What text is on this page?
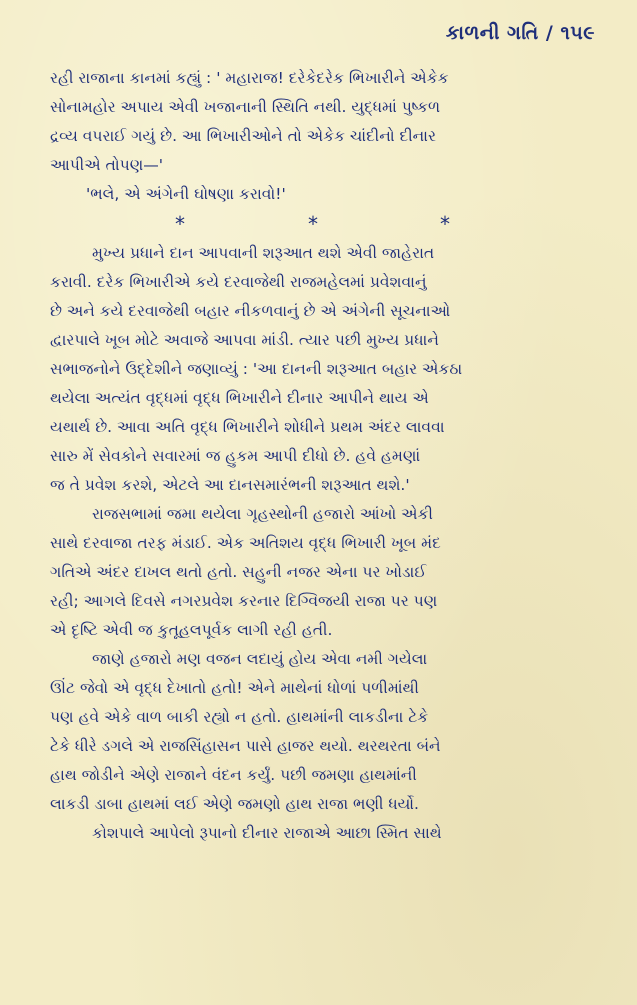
કાળની ગતિ / ૧૫૯
રહી રાજાના કાનમાં કહ્યું : ' મહારાજ! દરેકેદરેક ભિખારીને એકેક
સોનામહોર અપાય એવી ખજાનાની સ્થિતિ નથી. યુદ્ધમાં પુષ્કળ
દ્રવ્ય વપરાઈ ગયું છે. આ ભિખારીઓને તો એકેક ચાંદીનો દીનાર
આપીએ તોપણ—'
'ભલે, એ અંગેની ઘોષણા કરાવો!'
*	*	*
મુખ્ય પ્રધાને દાન આપવાની શરૂઆત થશે એવી જાહેરાત
કરાવી. દરેક ભિખારીએ કયે દરવાજેથી રાજમહેલમાં પ્રવેશવાનું
છે અને કયે દરવાજેથી બહાર નીકળવાનું છે એ અંગેની સૂચનાઓ
દ્વારપાલે ખૂબ મોટે અવાજે આપવા માંડી. ત્યાર પછી મુખ્ય પ્રધાને
સભાજનોને ઉદ્દેશીને જણાવ્યું : 'આ દાનની શરૂઆત બહાર એકઠા
થયેલા અત્યંત વૃદ્ધમાં વૃદ્ધ ભિખારીને દીનાર આપીને થાય એ
યથાર્થ છે. આવા અતિ વૃદ્ધ ભિખારીને શોધીને પ્રથમ અંદર લાવવા
સારુ મેં સેવકોને સવારમાં જ હુકમ આપી દીધો છે. હવે હમણાં
જ તે પ્રવેશ કરશે, એટલે આ દાનસમારંભની શરૂઆત થશે.'
રાજસભામાં જમા થયેલા ગૃહસ્થોની હજારો આંખો એકી
સાથે દરવાજા તરફ મંડાઈ. એક અતિશય વૃદ્ધ ભિખારી ખૂબ મંદ
ગતિએ અંદર દાખલ થતો હતો. સહુની નજર એના પર ખોડાઈ
રહી; આગલે દિવસે નગરપ્રવેશ કરનાર દિગ્વિજયી રાજા પર પણ
એ દૃષ્ટિ એવી જ કુતૂહલપૂર્વક લાગી રહી હતી.
જાણે હજારો મણ વજન લદાયું હોય એવા નમી ગયેલા
ઊંટ જેવો એ વૃદ્ધ દેખાતો હતો! એને માથેનાં ધોળાં પળીમાંથી
પણ હવે એકે વાળ બાકી રહ્યો ન હતો. હાથમાંની લાકડીના ટેકે
ટેકે ધીરે ડગલે એ રાજસિંહાસન પાસે હાજર થયો. થરથરતા બંને
હાથ જોડીને એણે રાજાને વંદન કર્યું. પછી જમણા હાથમાંની
લાકડી ડાબા હાથમાં લઈ એણે જમણો હાથ રાજા ભણી ધર્યો.
કોશપાલે આપેલો રૂપાનો દીનાર રાજાએ આછા સ્મિત સાથે
